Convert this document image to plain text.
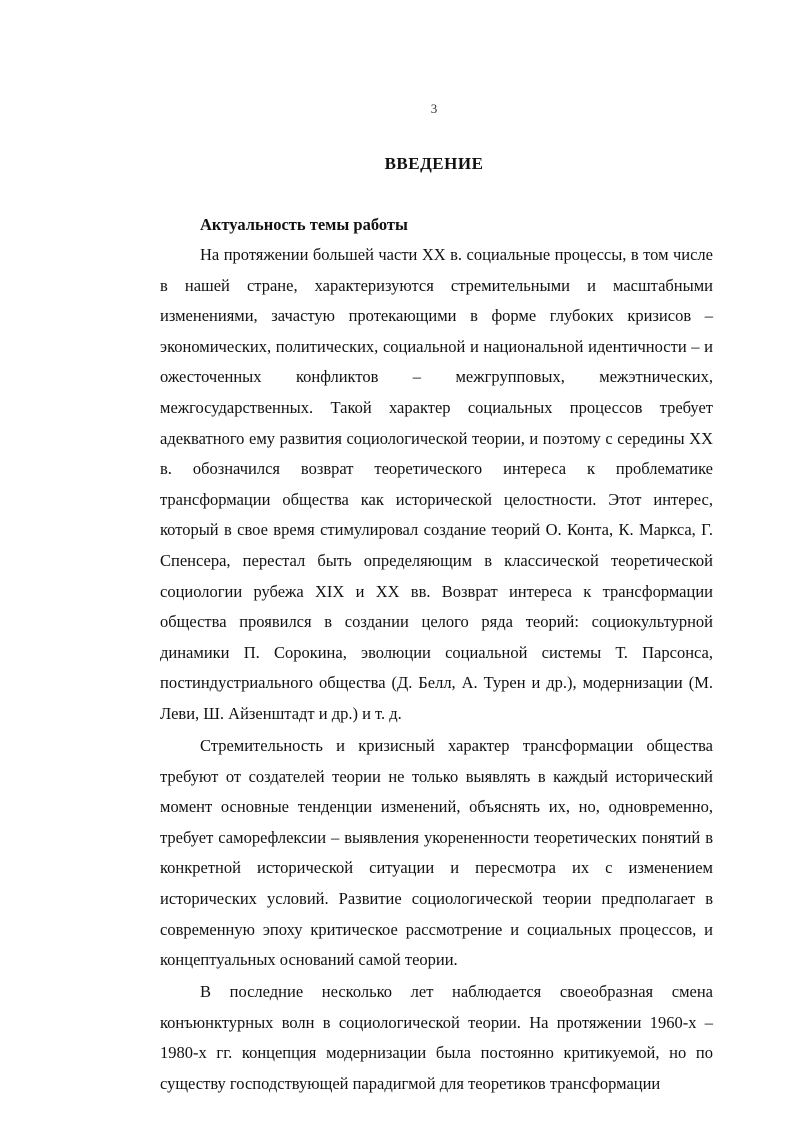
3
ВВЕДЕНИЕ
Актуальность темы работы

На протяжении большей части XX в. социальные процессы, в том числе в нашей стране, характеризуются стремительными и масштабными изменениями, зачастую протекающими в форме глубоких кризисов – экономических, политических, социальной и национальной идентичности – и ожесточенных конфликтов – межгрупповых, межэтнических, межгосударственных. Такой характер социальных процессов требует адекватного ему развития социологической теории, и поэтому с середины XX в. обозначился возврат теоретического интереса к проблематике трансформации общества как исторической целостности. Этот интерес, который в свое время стимулировал создание теорий О. Конта, К. Маркса, Г. Спенсера, перестал быть определяющим в классической теоретической социологии рубежа XIX и XX вв. Возврат интереса к трансформации общества проявился в создании целого ряда теорий: социокультурной динамики П. Сорокина, эволюции социальной системы Т. Парсонса, постиндустриального общества (Д. Белл, А. Турен и др.), модернизации (М. Леви, Ш. Айзенштадт и др.) и т. д.

Стремительность и кризисный характер трансформации общества требуют от создателей теории не только выявлять в каждый исторический момент основные тенденции изменений, объяснять их, но, одновременно, требует саморефлексии – выявления укорененности теоретических понятий в конкретной исторической ситуации и пересмотра их с изменением исторических условий. Развитие социологической теории предполагает в современную эпоху критическое рассмотрение и социальных процессов, и концептуальных оснований самой теории.

В последние несколько лет наблюдается своеобразная смена конъюнктурных волн в социологической теории. На протяжении 1960-х – 1980-х гг. концепция модернизации была постоянно критикуемой, но по существу господствующей парадигмой для теоретиков трансформации
